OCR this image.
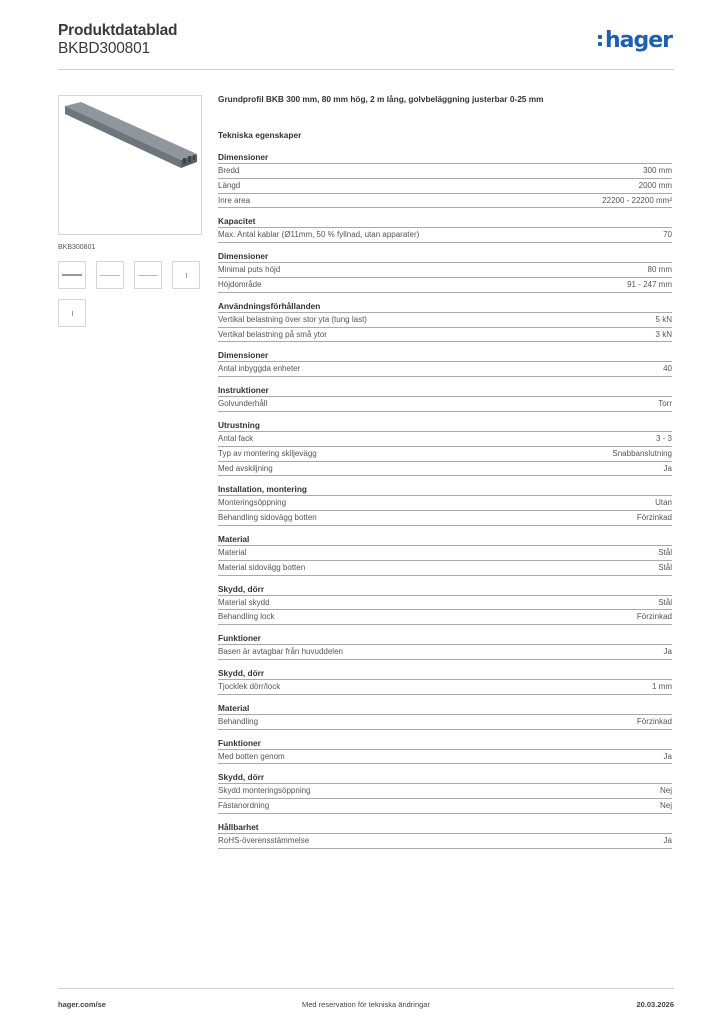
Produktdatablad
BKBD300801	hager
BKB300801
Grundprofil BKB 300 mm, 80 mm hög, 2 m lång, golvbeläggning justerbar 0-25 mm
Tekniska egenskaper
Dimensioner
Bredd	300 mm
Längd	2000 mm
Inre area	22200 - 22200 mm²
Kapacitet
Max. Antal kablar (Ø11mm, 50 % fyllnad, utan apparater)	70
Dimensioner
Minimal puts höjd	80 mm
Höjdområde	91 - 247 mm
Användningsförhållanden
Vertikal belastning över stor yta (tung last)	5 kN
Vertikal belastning på små ytor	3 kN
Dimensioner
Antal inbyggda enheter	40
Instruktioner
Golvunderhåll	Torr
Utrustning
Antal fack	3 - 3
Typ av montering skiljevägg	Snabbanslutning
Med avskiljning	Ja
Installation, montering
Monteringsöppning	Utan
Behandling sidovägg botten	Förzinkad
Material
Material	Stål
Material sidovägg botten	Stål
Skydd, dörr
Material skydd	Stål
Behandling lock	Förzinkad
Funktioner
Basen är avtagbar från huvuddelen	Ja
Skydd, dörr
Tjocklek dörr/lock	1 mm
Material
Behandling	Förzinkad
Funktioner
Med botten genom	Ja
Skydd, dörr
Skydd monteringsöppning	Nej
Fästanordning	Nej
Hållbarhet
RoHS-överensstämmelse	Ja
hager.com/se	Med reservation för tekniska ändringar	20.03.2026
